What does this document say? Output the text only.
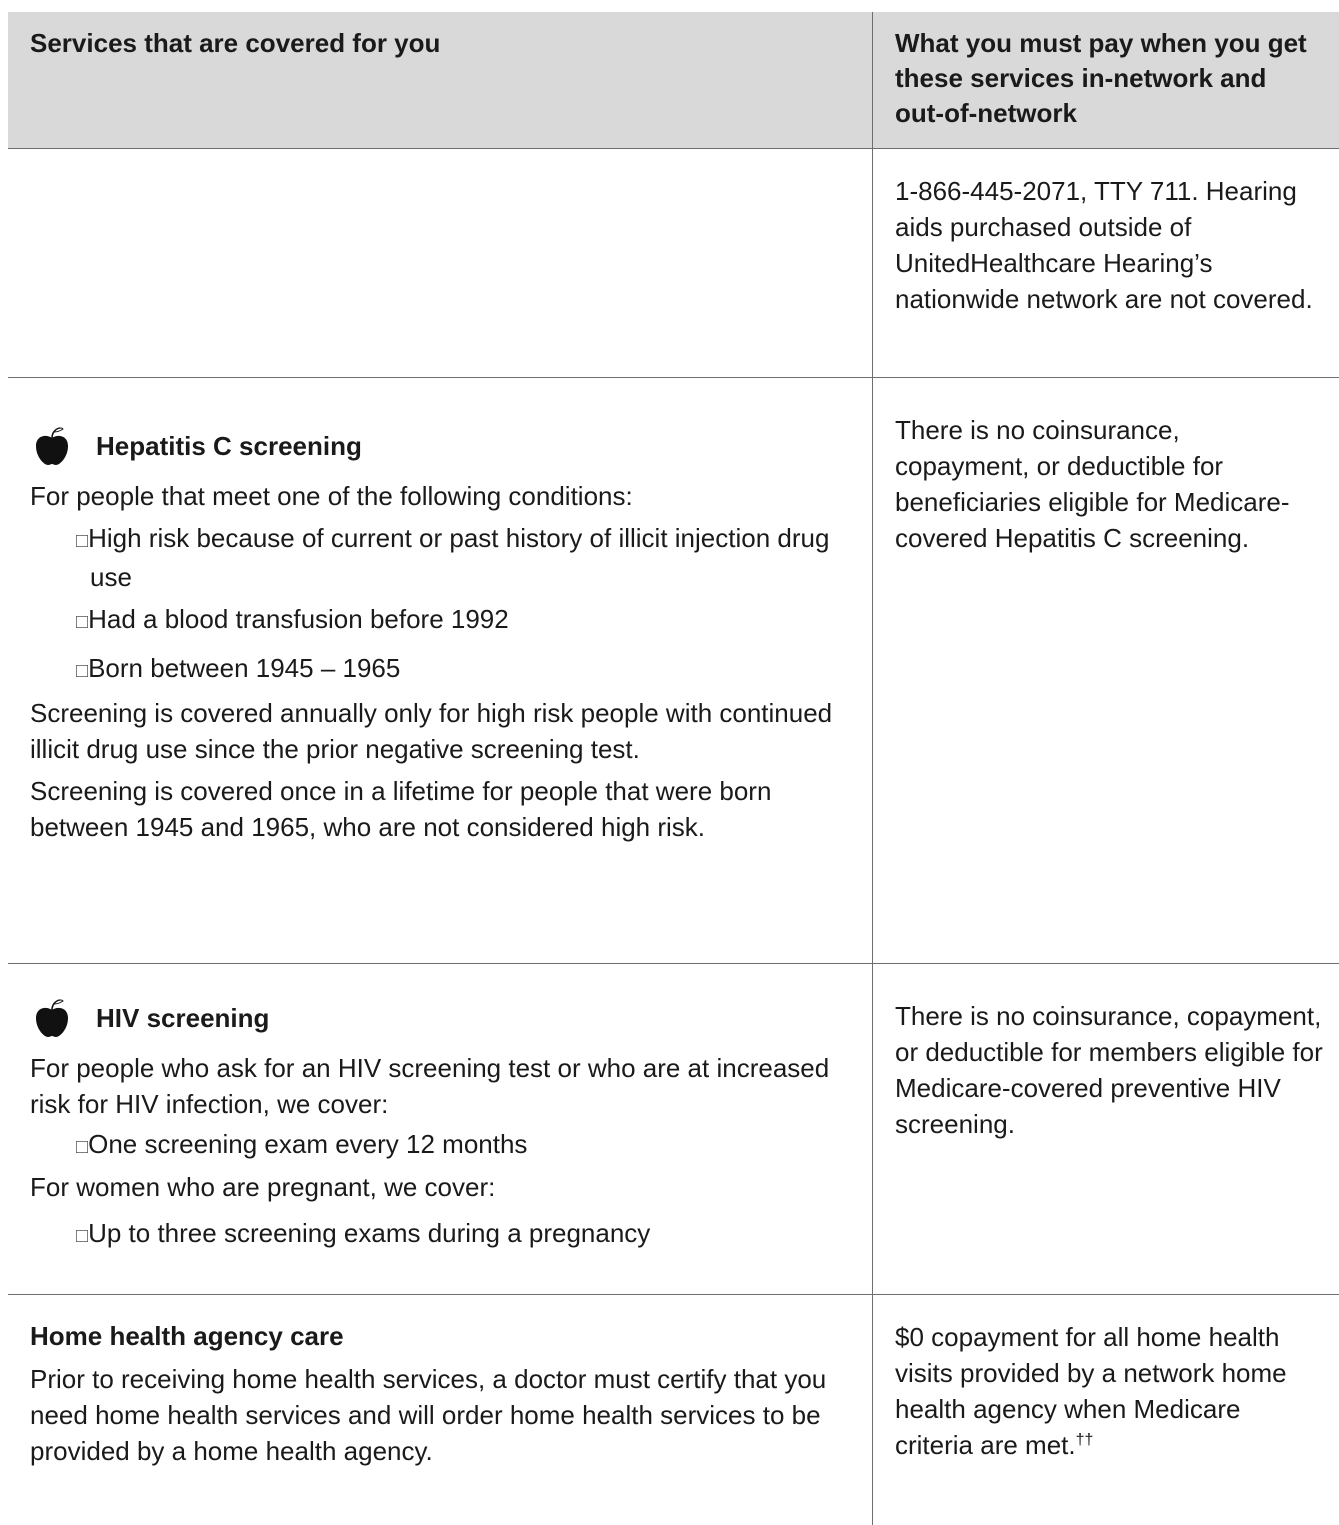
Services that are covered for you	What you must pay when you get these services in-network and out-of-network

1-866-445-2071, TTY 711. Hearing aids purchased outside of UnitedHealthcare Hearing’s nationwide network are not covered.

Hepatitis C screening

For people that meet one of the following conditions:

□High risk because of current or past history of illicit injection drug use

□Had a blood transfusion before 1992

□Born between 1945 – 1965

Screening is covered annually only for high risk people with continued illicit drug use since the prior negative screening test.

Screening is covered once in a lifetime for people that were born between 1945 and 1965, who are not considered high risk.

There is no coinsurance, copayment, or deductible for beneficiaries eligible for Medicare-covered Hepatitis C screening.

HIV screening

For people who ask for an HIV screening test or who are at increased risk for HIV infection, we cover:

□One screening exam every 12 months

For women who are pregnant, we cover:

□Up to three screening exams during a pregnancy

There is no coinsurance, copayment, or deductible for members eligible for Medicare-covered preventive HIV screening.

Home health agency care

Prior to receiving home health services, a doctor must certify that you need home health services and will order home health services to be provided by a home health agency.

$0 copayment for all home health visits provided by a network home health agency when Medicare criteria are met.††
